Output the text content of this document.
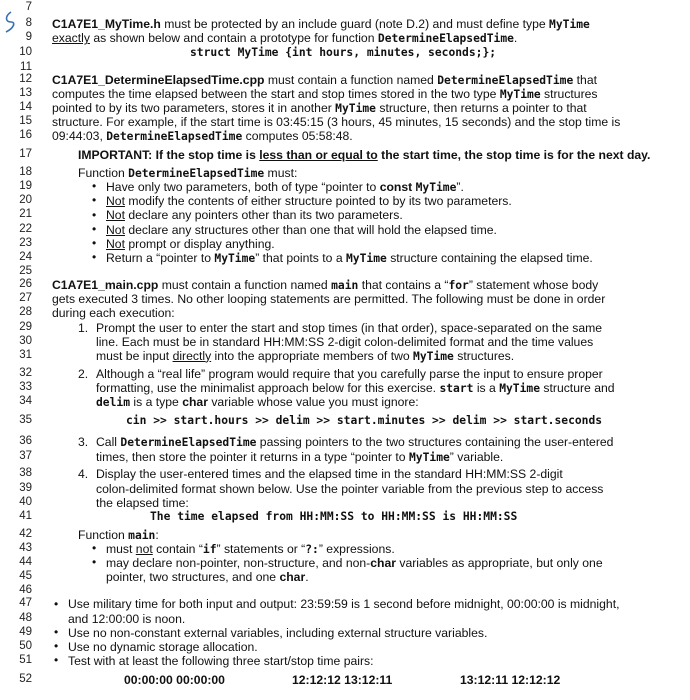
7
8
9
10
11
12
13
14
15
16
17
18
19
20
21
22
23
24
25
26
27
28
29
30
31
32
33
34
35
36
37
38
39
40
41
42
43
44
45
46
47
48
49
50
51
52
C1A7E1_MyTime.h must be protected by an include guard (note D.2) and must define type MyTime
exactly as shown below and contain a prototype for function DetermineElapsedTime.
struct MyTime {int hours, minutes, seconds;};
C1A7E1_DetermineElapsedTime.cpp must contain a function named DetermineElapsedTime that
computes the time elapsed between the start and stop times stored in the two type MyTime structures
pointed to by its two parameters, stores it in another MyTime structure, then returns a pointer to that
structure. For example, if the start time is 03:45:15 (3 hours, 45 minutes, 15 seconds) and the stop time is
09:44:03, DetermineElapsedTime computes 05:58:48.
IMPORTANT: If the stop time is less than or equal to the start time, the stop time is for the next day.
Function DetermineElapsedTime must:
• Have only two parameters, both of type “pointer to const MyTime”.
• Not modify the contents of either structure pointed to by its two parameters.
• Not declare any pointers other than its two parameters.
• Not declare any structures other than one that will hold the elapsed time.
• Not prompt or display anything.
• Return a “pointer to MyTime” that points to a MyTime structure containing the elapsed time.
C1A7E1_main.cpp must contain a function named main that contains a “for” statement whose body
gets executed 3 times. No other looping statements are permitted. The following must be done in order
during each execution:
1. Prompt the user to enter the start and stop times (in that order), space-separated on the same
line. Each must be in standard HH:MM:SS 2-digit colon-delimited format and the time values
must be input directly into the appropriate members of two MyTime structures.
2. Although a “real life” program would require that you carefully parse the input to ensure proper
formatting, use the minimalist approach below for this exercise. start is a MyTime structure and
delim is a type char variable whose value you must ignore:
cin >> start.hours >> delim >> start.minutes >> delim >> start.seconds
3. Call DetermineElapsedTime passing pointers to the two structures containing the user-entered
times, then store the pointer it returns in a type “pointer to MyTime” variable.
4. Display the user-entered times and the elapsed time in the standard HH:MM:SS 2-digit
colon-delimited format shown below. Use the pointer variable from the previous step to access
the elapsed time:
The time elapsed from HH:MM:SS to HH:MM:SS is HH:MM:SS
Function main:
• must not contain “if” statements or “?:” expressions.
• may declare non-pointer, non-structure, and non-char variables as appropriate, but only one
pointer, two structures, and one char.
• Use military time for both input and output: 23:59:59 is 1 second before midnight, 00:00:00 is midnight,
and 12:00:00 is noon.
• Use no non-constant external variables, including external structure variables.
• Use no dynamic storage allocation.
• Test with at least the following three start/stop time pairs:
00:00:00 00:00:00	12:12:12 13:12:11	13:12:11 12:12:12
